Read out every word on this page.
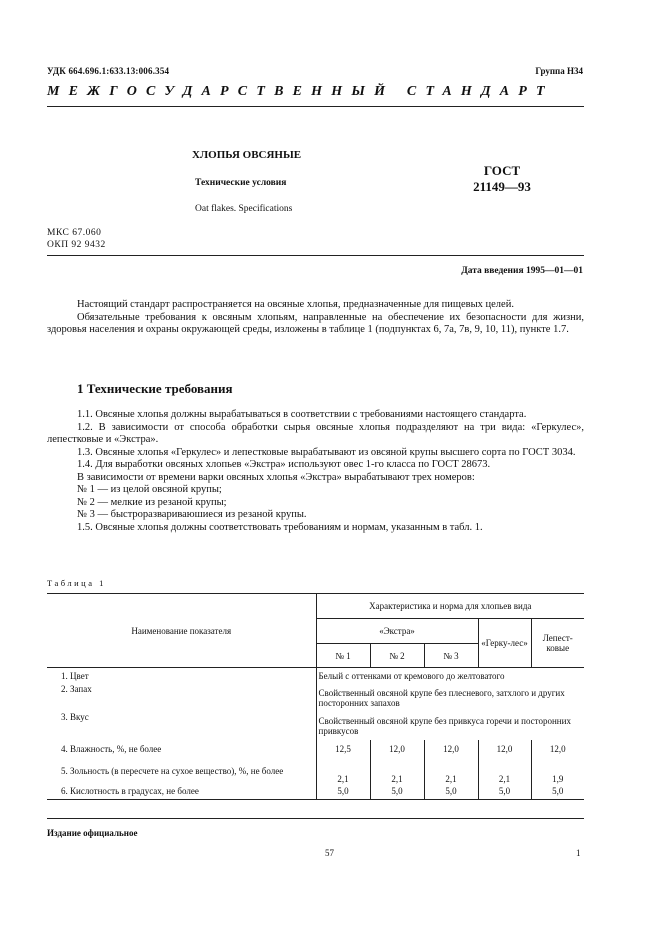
УДК 664.696.1:633.13:006.354	Группа Н34
МЕЖГОСУДАРСТВЕННЫЙ СТАНДАРТ
ХЛОПЬЯ ОВСЯНЫЕ
Технические условия
Oat flakes. Specifications
ГОСТ
21149—93
МКС 67.060
ОКП 92 9432
Дата введения 1995—01—01

Настоящий стандарт распространяется на овсяные хлопья, предназначенные для пищевых целей.

Обязательные требования к овсяным хлопьям, направленные на обеспечение их безопасности для жизни, здоровья населения и охраны окружающей среды, изложены в таблице 1 (подпунктах 6, 7а, 7в, 9, 10, 11), пункте 1.7.

1 Технические требования

1.1. Овсяные хлопья должны вырабатываться в соответствии с требованиями настоящего стандарта.

1.2. В зависимости от способа обработки сырья овсяные хлопья подразделяют на три вида: «Геркулес», лепестковые и «Экстра».

1.3. Овсяные хлопья «Геркулес» и лепестковые вырабатывают из овсяной крупы высшего сорта по ГОСТ 3034.

1.4. Для выработки овсяных хлопьев «Экстра» используют овес 1-го класса по ГОСТ 28673.

В зависимости от времени варки овсяных хлопья «Экстра» вырабатывают трех номеров:

№ 1 — из целой овсяной крупы;

№ 2 — мелкие из резаной крупы;

№ 3 — быстроразвариваюшиеся из резаной крупы.

1.5. Овсяные хлопья должны соответствовать требованиям и нормам, указанным в табл. 1.

Таблица 1
Наименование показателя	Характеристика и норма для хлопьев вида				
	«Экстра»			«Герку-лес»	Лепест-ковые
	№ 1	№ 2	№ 3		
1. Цвет	Белый с оттенками от кремового до желтоватого				
2. Запах	Свойственный овсяной крупе без плесневого, затхлого и других посторонних запахов				
3. Вкус	Свойственный овсяной крупе без привкуса горечи и посторонних привкусов				
4. Влажность, %, не более	12,5	12,0	12,0	12,0	12,0
5. Зольность (в пересчете на сухое вещество), %, не более	2,1	2,1	2,1	2,1	1,9
6. Кислотность в градусах, не более	5,0	5,0	5,0	5,0	5,0
Издание официальное
57	1
